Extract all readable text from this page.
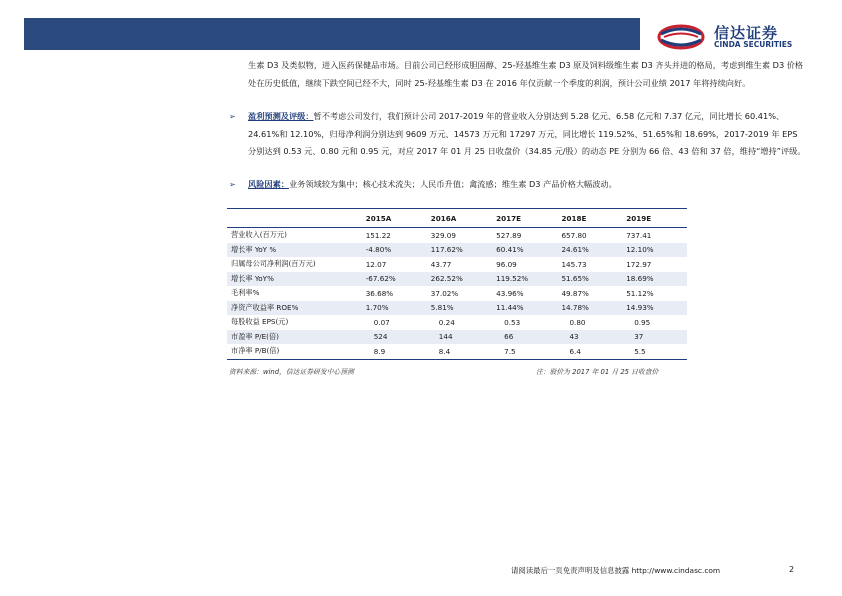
信达证券
CINDA SECURITIES
生素 D3 及类似物，进入医药保健品市场。目前公司已经形成胆固醇、25-羟基维生素 D3 原及饲料级维生素 D3 齐头并进的格局，考虑到维生素 D3 价格处在历史低值，继续下跌空间已经不大，同时 25-羟基维生素 D3 在 2016 年仅贡献一个季度的利润，预计公司业绩 2017 年将持续向好。
➢ 盈利预测及评级：暂不考虑公司发行，我们预计公司 2017-2019 年的营业收入分别达到 5.28 亿元、6.58 亿元和 7.37 亿元，同比增长 60.41%、24.61%和 12.10%，归母净利润分别达到 9609 万元、14573 万元和 17297 万元，同比增长 119.52%、51.65%和 18.69%，2017-2019 年 EPS 分别达到 0.53 元、0.80 元和 0.95 元，对应 2017 年 01 月 25 日收盘价（34.85 元/股）的动态 PE 分别为 66 倍、43 倍和 37 倍，维持“增持”评级。
➢ 风险因素：业务领域较为集中；核心技术流失；人民币升值；禽流感；维生素 D3 产品价格大幅波动。
	2015A	2016A	2017E	2018E	2019E
营业收入(百万元)	151.22	329.09	527.89	657.80	737.41
增长率 YoY %	-4.80%	117.62%	60.41%	24.61%	12.10%
归属母公司净利润(百万元)	12.07	43.77	96.09	145.73	172.97
增长率 YoY%	-67.62%	262.52%	119.52%	51.65%	18.69%
毛利率%	36.68%	37.02%	43.96%	49.87%	51.12%
净资产收益率 ROE%	1.70%	5.81%	11.44%	14.78%	14.93%
每股收益 EPS(元)	0.07	0.24	0.53	0.80	0.95
市盈率 P/E(倍)	524	144	66	43	37
市净率 P/B(倍)	8.9	8.4	7.5	6.4	5.5
资料来源：wind，信达证券研发中心预测	注：股价为 2017 年 01 月 25 日收盘价
请阅读最后一页免责声明及信息披露 http://www.cindasc.com	2
